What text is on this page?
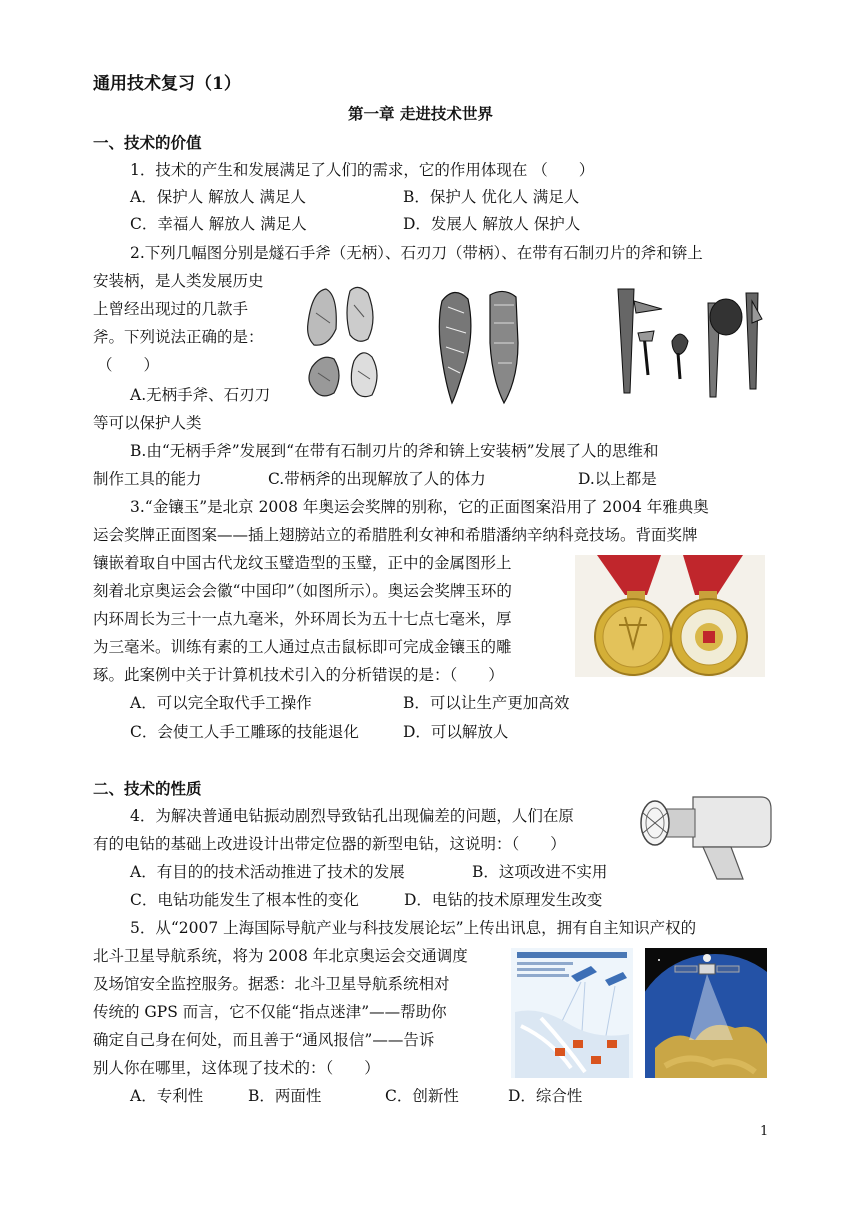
通用技术复习（1）
第一章 走进技术世界
一、技术的价值
1．技术的产生和发展满足了人们的需求，它的作用体现在 （　　）
A．保护人 解放人 满足人	B．保护人 优化人 满足人
C．幸福人 解放人 满足人	D．发展人 解放人 保护人
2.下列几幅图分别是燧石手斧（无柄）、石刃刀（带柄）、在带有石制刃片的斧和锛上
安装柄，是人类发展历史
上曾经出现过的几款手
斧。下列说法正确的是：
（　　）
A.无柄手斧、石刃刀
等可以保护人类
B.由“无柄手斧”发展到“在带有石制刃片的斧和锛上安装柄”发展了人的思维和
制作工具的能力	C.带柄斧的出现解放了人的体力	D.以上都是
3.“金镶玉”是北京 2008 年奥运会奖牌的别称，它的正面图案沿用了 2004 年雅典奥
运会奖牌正面图案——插上翅膀站立的希腊胜利女神和希腊潘纳辛纳科竞技场。背面奖牌
镶嵌着取自中国古代龙纹玉璧造型的玉璧，正中的金属图形上
刻着北京奥运会会徽“中国印”（如图所示）。奥运会奖牌玉环的
内环周长为三十一点九毫米，外环周长为五十七点七毫米，厚
为三毫米。训练有素的工人通过点击鼠标即可完成金镶玉的雕
琢。此案例中关于计算机技术引入的分析错误的是：（　　）
A．可以完全取代手工操作	B．可以让生产更加高效
C．会使工人手工雕琢的技能退化	D．可以解放人
二、技术的性质
4．为解决普通电钻振动剧烈导致钻孔出现偏差的问题，人们在原
有的电钻的基础上改进设计出带定位器的新型电钻，这说明：（　　）
A．有目的的技术活动推进了技术的发展	B．这项改进不实用
C．电钻功能发生了根本性的变化	D．电钻的技术原理发生改变
5．从“2007 上海国际导航产业与科技发展论坛”上传出讯息，拥有自主知识产权的
北斗卫星导航系统，将为 2008 年北京奥运会交通调度
及场馆安全监控服务。据悉：北斗卫星导航系统相对
传统的 GPS 而言，它不仅能“指点迷津”——帮助你
确定自己身在何处，而且善于“通风报信”——告诉
别人你在哪里，这体现了技术的：（　　）
A．专利性	B．两面性	C．创新性	D．综合性
1
